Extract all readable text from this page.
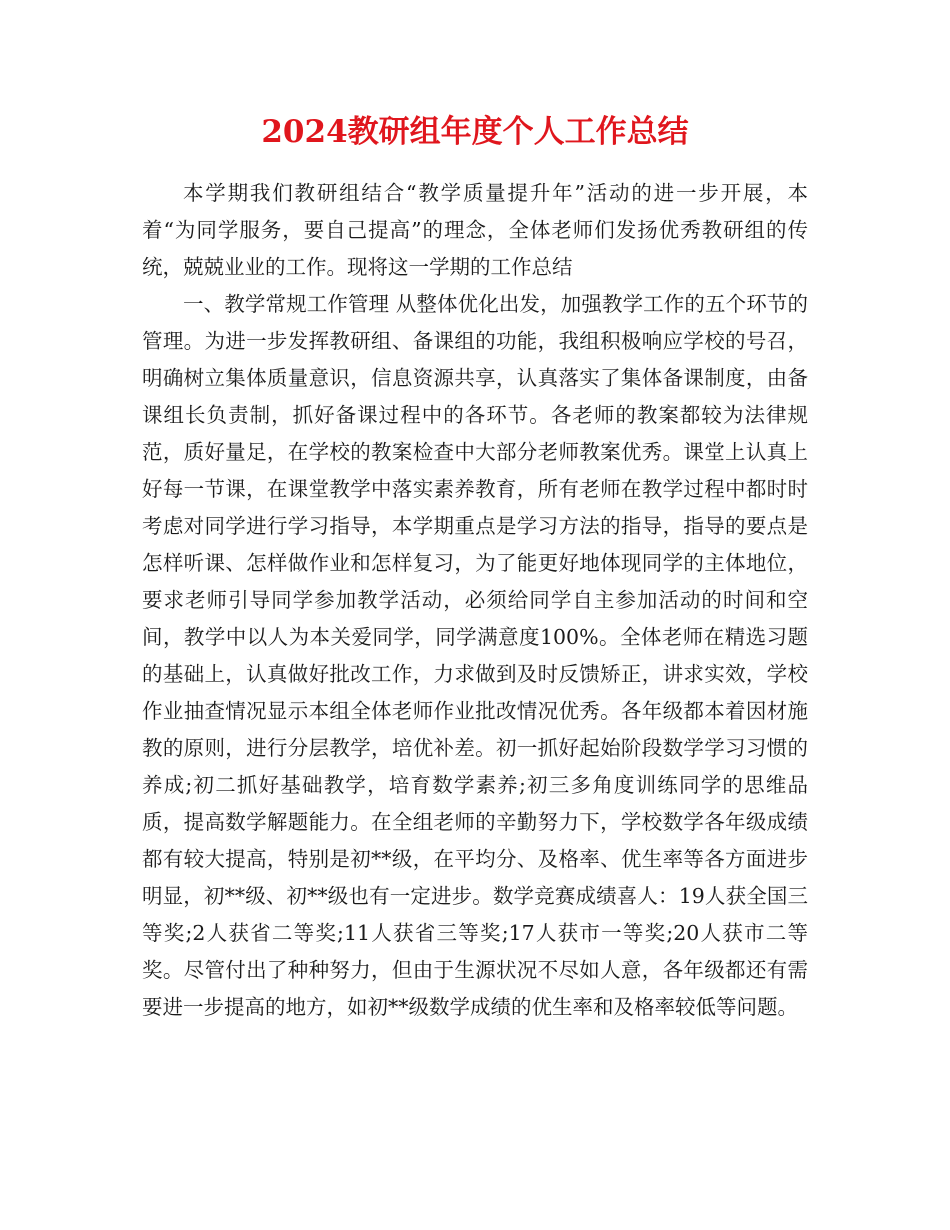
2024教研组年度个人工作总结

本学期我们教研组结合“教学质量提升年”活动的进一步开展，本着“为同学服务，要自己提高”的理念，全体老师们发扬优秀教研组的传统，兢兢业业的工作。现将这一学期的工作总结

一、教学常规工作管理 从整体优化出发，加强教学工作的五个环节的管理。为进一步发挥教研组、备课组的功能，我组积极响应学校的号召，明确树立集体质量意识，信息资源共享，认真落实了集体备课制度，由备课组长负责制，抓好备课过程中的各环节。各老师的教案都较为法律规范，质好量足，在学校的教案检查中大部分老师教案优秀。课堂上认真上好每一节课，在课堂教学中落实素养教育，所有老师在教学过程中都时时考虑对同学进行学习指导，本学期重点是学习方法的指导，指导的要点是怎样听课、怎样做作业和怎样复习，为了能更好地体现同学的主体地位，要求老师引导同学参加教学活动，必须给同学自主参加活动的时间和空间，教学中以人为本关爱同学，同学满意度100%。全体老师在精选习题的基础上，认真做好批改工作，力求做到及时反馈矫正，讲求实效，学校作业抽查情况显示本组全体老师作业批改情况优秀。各年级都本着因材施教的原则，进行分层教学，培优补差。初一抓好起始阶段数学学习习惯的养成;初二抓好基础教学，培育数学素养;初三多角度训练同学的思维品质，提高数学解题能力。在全组老师的辛勤努力下，学校数学各年级成绩都有较大提高，特别是初**级，在平均分、及格率、优生率等各方面进步明显，初**级、初**级也有一定进步。数学竞赛成绩喜人：19人获全国三等奖;2人获省二等奖;11人获省三等奖;17人获市一等奖;20人获市二等奖。尽管付出了种种努力，但由于生源状况不尽如人意，各年级都还有需要进一步提高的地方，如初**级数学成绩的优生率和及格率较低等问题。
